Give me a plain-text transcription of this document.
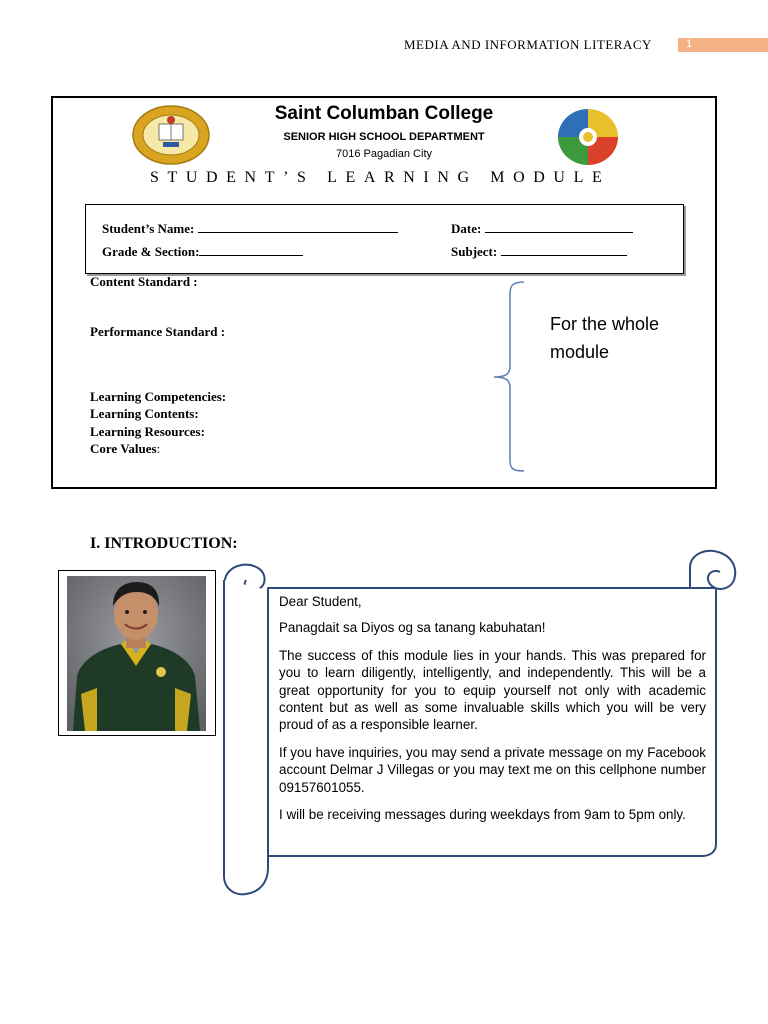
MEDIA AND INFORMATION LITERACY	1
Saint Columban College
SENIOR HIGH SCHOOL DEPARTMENT
7016 Pagadian City
STUDENT’S LEARNING MODULE
Student’s Name:	Date:
Grade & Section:	Subject:
Content Standard :
Performance Standard :
Learning Competencies:
Learning Contents:
Learning Resources:
Core Values:
For the whole module
I. INTRODUCTION:

Dear Student,

Panagdait sa Diyos og sa tanang kabuhatan!

The success of this module lies in your hands. This was prepared for you to learn diligently, intelligently, and independently. This will be a great opportunity for you to equip yourself not only with academic content but as well as some invaluable skills which you will be very proud of as a responsible learner.

If you have inquiries, you may send a private message on my Facebook account Delmar J Villegas or you may text me on this cellphone number 09157601055.

I will be receiving messages during weekdays from 9am to 5pm only.
